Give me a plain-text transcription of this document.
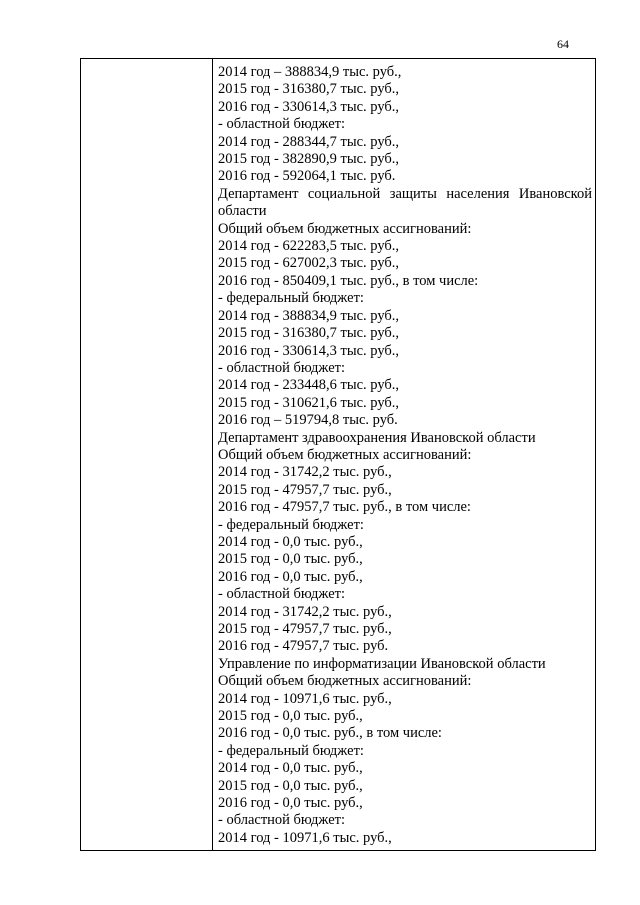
64

2014 год – 388834,9 тыс. руб.,
2015 год - 316380,7 тыс. руб.,
2016 год - 330614,3 тыс. руб.,
- областной бюджет:
2014 год - 288344,7 тыс. руб.,
2015 год - 382890,9 тыс. руб.,
2016 год - 592064,1 тыс. руб.
Департамент социальной защиты населения Ивановской
области
Общий объем бюджетных ассигнований:
2014 год - 622283,5 тыс. руб.,
2015 год - 627002,3 тыс. руб.,
2016 год - 850409,1 тыс. руб., в том числе:
- федеральный бюджет:
2014 год - 388834,9 тыс. руб.,
2015 год - 316380,7 тыс. руб.,
2016 год - 330614,3 тыс. руб.,
- областной бюджет:
2014 год - 233448,6 тыс. руб.,
2015 год - 310621,6 тыс. руб.,
2016 год – 519794,8 тыс. руб.
Департамент здравоохранения Ивановской области
Общий объем бюджетных ассигнований:
2014 год - 31742,2 тыс. руб.,
2015 год - 47957,7 тыс. руб.,
2016 год - 47957,7 тыс. руб., в том числе:
- федеральный бюджет:
2014 год - 0,0 тыс. руб.,
2015 год - 0,0 тыс. руб.,
2016 год - 0,0 тыс. руб.,
- областной бюджет:
2014 год - 31742,2 тыс. руб.,
2015 год - 47957,7 тыс. руб.,
2016 год - 47957,7 тыс. руб.
Управление по информатизации Ивановской области
Общий объем бюджетных ассигнований:
2014 год - 10971,6 тыс. руб.,
2015 год - 0,0 тыс. руб.,
2016 год - 0,0 тыс. руб., в том числе:
- федеральный бюджет:
2014 год - 0,0 тыс. руб.,
2015 год - 0,0 тыс. руб.,
2016 год - 0,0 тыс. руб.,
- областной бюджет:
2014 год - 10971,6 тыс. руб.,
